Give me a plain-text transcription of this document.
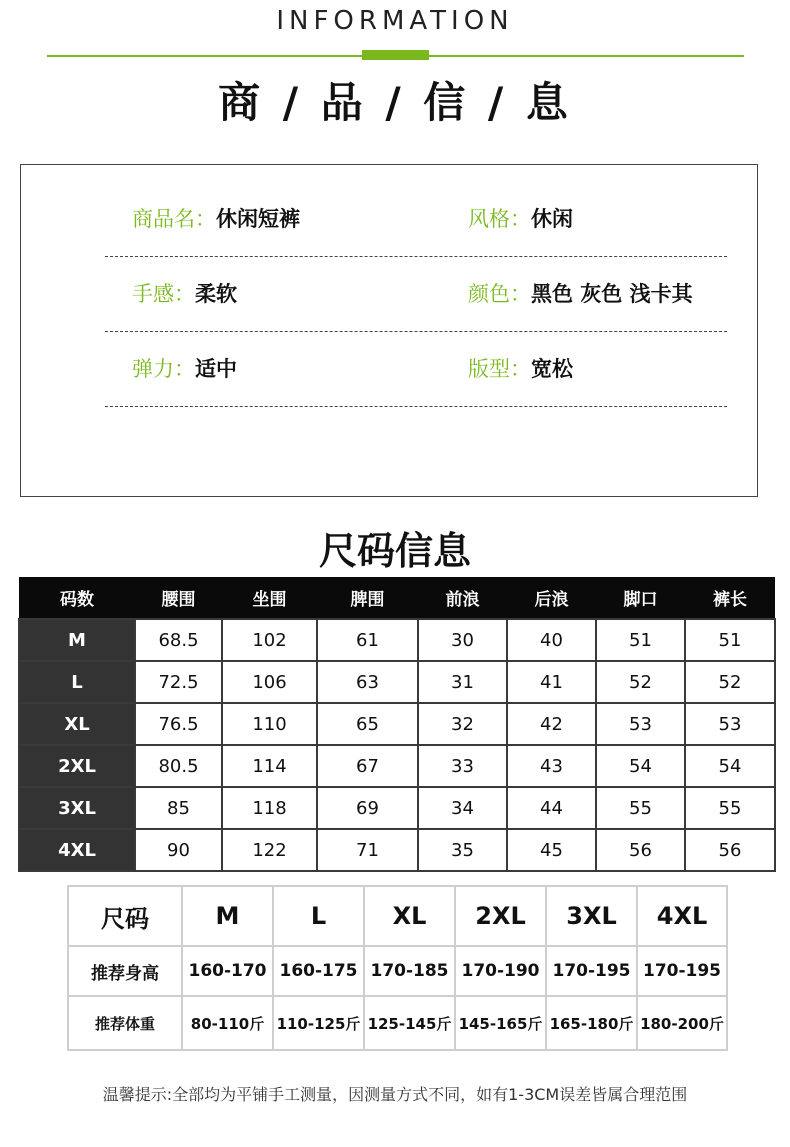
INFORMATION
商 / 品 / 信 / 息
商品名：休闲短裤	风格：休闲
手感：柔软	颜色：黑色 灰色 浅卡其
弹力：适中	版型：宽松
尺码信息
码数	腰围	坐围	脾围	前浪	后浪	脚口	裤长
M	68.5	102	61	30	40	51	51
L	72.5	106	63	31	41	52	52
XL	76.5	110	65	32	42	53	53
2XL	80.5	114	67	33	43	54	54
3XL	85	118	69	34	44	55	55
4XL	90	122	71	35	45	56	56
尺码	M	L	XL	2XL	3XL	4XL
推荐身高	160-170	160-175	170-185	170-190	170-195	170-195
推荐体重	80-110斤	110-125斤	125-145斤	145-165斤	165-180斤	180-200斤
温馨提示:全部均为平铺手工测量，因测量方式不同，如有1-3CM误差皆属合理范围
